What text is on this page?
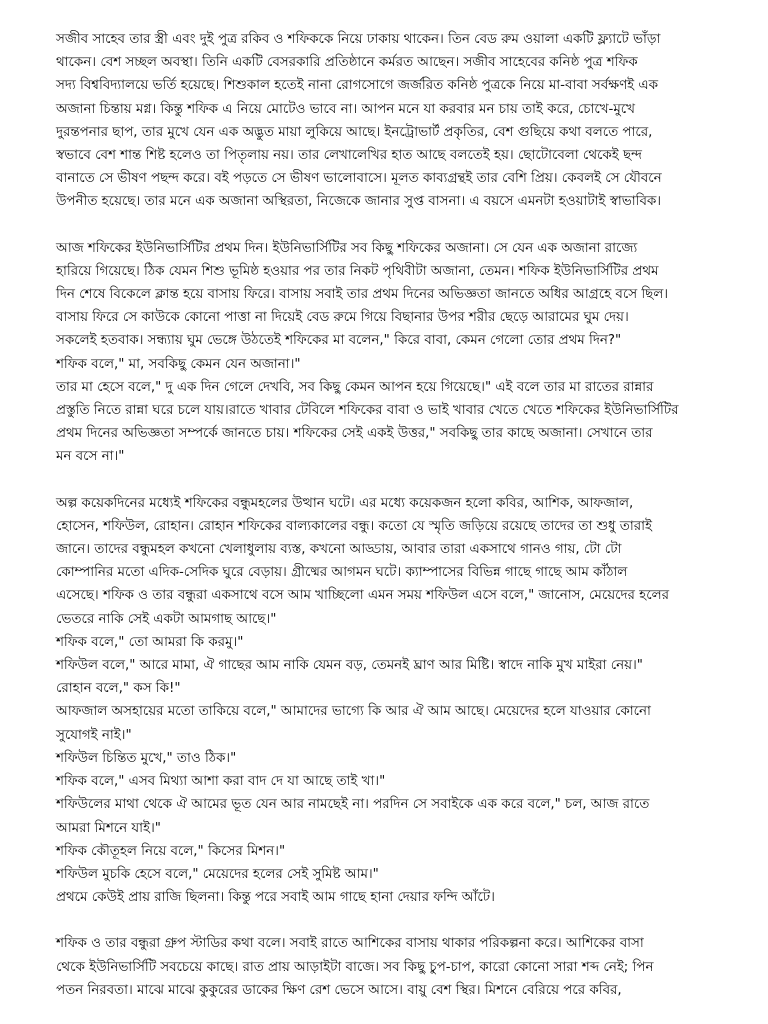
সজীব সাহেব তার স্ত্রী এবং দুই পুত্র রকিব ও শফিককে নিয়ে ঢাকায় থাকেন। তিন বেড রুম ওয়ালা একটি ফ্ল্যাটে ভাঁড়া
থাকেন। বেশ সচ্ছল অবস্থা। তিনি একটি বেসরকারি প্রতিষ্ঠানে কর্মরত আছেন। সজীব সাহেবের কনিষ্ঠ পুত্র শফিক
সদ্য বিশ্ববিদ্যালয়ে ভর্তি হয়েছে। শিশুকাল হতেই নানা রোগসোগে জর্জরিত কনিষ্ঠ পুত্রকে নিয়ে মা-বাবা সর্বক্ষণই এক
অজানা চিন্তায় মগ্ন। কিন্তু শফিক এ নিয়ে মোটেও ভাবে না। আপন মনে যা করবার মন চায় তাই করে, চোখে-মুখে
দুরন্তপনার ছাপ, তার মুখে যেন এক অদ্ভুত মায়া লুকিয়ে আছে। ইনট্রোভার্ট প্রকৃতির, বেশ গুছিয়ে কথা বলতে পারে,
স্বভাবে বেশ শান্ত শিষ্ট হলেও তা পিতৃলায় নয়। তার লেখালেখির হাত আছে বলতেই হয়। ছোটোবেলা থেকেই ছন্দ
বানাতে সে ভীষণ পছন্দ করে। বই পড়তে সে ভীষণ ভালোবাসে। মূলত কাব্যগ্রন্থই তার বেশি প্রিয়। কেবলই সে যৌবনে
উপনীত হয়েছে। তার মনে এক অজানা অস্থিরতা, নিজেকে জানার সুপ্ত বাসনা। এ বয়সে এমনটা হওয়াটাই স্বাভাবিক।

আজ শফিকের ইউনিভার্সিটির প্রথম দিন। ইউনিভার্সিটির সব কিছু শফিকের অজানা। সে যেন এক অজানা রাজ্যে
হারিয়ে গিয়েছে। ঠিক যেমন শিশু ভূমিষ্ঠ হওয়ার পর তার নিকট পৃথিবীটা অজানা, তেমন। শফিক ইউনিভার্সিটির প্রথম
দিন শেষে বিকেলে ক্লান্ত হয়ে বাসায় ফিরে। বাসায় সবাই তার প্রথম দিনের অভিজ্ঞতা জানতে অধির আগ্রহে বসে ছিল।
বাসায় ফিরে সে কাউকে কোনো পাত্তা না দিয়েই বেড রুমে গিয়ে বিছানার উপর শরীর ছেড়ে আরামের ঘুম দেয়।
সকলেই হতবাক। সন্ধ্যায় ঘুম ভেঙ্গে উঠতেই শফিকের মা বলেন," কিরে বাবা, কেমন গেলো তোর প্রথম দিন?"
শফিক বলে," মা, সবকিছু কেমন যেন অজানা।"
তার মা হেসে বলে," দু এক দিন গেলে দেখবি, সব কিছু কেমন আপন হয়ে গিয়েছে।" এই বলে তার মা রাতের রান্নার
প্রস্তুতি নিতে রান্না ঘরে চলে যায়।রাতে খাবার টেবিলে শফিকের বাবা ও ভাই খাবার খেতে খেতে শফিকের ইউনিভার্সিটির
প্রথম দিনের অভিজ্ঞতা সম্পর্কে জানতে চায়। শফিকের সেই একই উত্তর," সবকিছু তার কাছে অজানা। সেখানে তার
মন বসে না।"

অল্প কয়েকদিনের মধ্যেই শফিকের বন্ধুমহলের উত্থান ঘটে। এর মধ্যে কয়েকজন হলো কবির, আশিক, আফজাল,
হোসেন, শফিউল, রোহান। রোহান শফিকের বাল্যকালের বন্ধু। কতো যে স্মৃতি জড়িয়ে রয়েছে তাদের তা শুধু তারাই
জানে। তাদের বন্ধুমহল কখনো খেলাধুলায় ব্যস্ত, কখনো আড্ডায়, আবার তারা একসাথে গানও গায়, টো টো
কোম্পানির মতো এদিক-সেদিক ঘুরে বেড়ায়। গ্রীষ্মের আগমন ঘটে। ক্যাম্পাসের বিভিন্ন গাছে গাছে আম কাঁঠাল
এসেছে। শফিক ও তার বন্ধুরা একসাথে বসে আম খাচ্ছিলো এমন সময় শফিউল এসে বলে," জানোস, মেয়েদের হলের
ভেতরে নাকি সেই একটা আমগাছ আছে।"
শফিক বলে," তো আমরা কি করমু।"
শফিউল বলে," আরে মামা, ঐ গাছের আম নাকি যেমন বড়, তেমনই ঘ্রাণ আর মিষ্টি। স্বাদে নাকি মুখ মাইরা নেয়।"
রোহান বলে," কস কি!"
আফজাল অসহায়ের মতো তাকিয়ে বলে," আমাদের ভাগ্যে কি আর ঐ আম আছে। মেয়েদের হলে যাওয়ার কোনো
সুযোগই নাই।"
শফিউল চিন্তিত মুখে," তাও ঠিক।"
শফিক বলে," এসব মিথ্যা আশা করা বাদ দে যা আছে তাই খা।"
শফিউলের মাথা থেকে ঐ আমের ভূত যেন আর নামছেই না। পরদিন সে সবাইকে এক করে বলে," চল, আজ রাতে
আমরা মিশনে যাই।"
শফিক কৌতূহল নিয়ে বলে," কিসের মিশন।"
শফিউল মুচকি হেসে বলে," মেয়েদের হলের সেই সুমিষ্ট আম।"
প্রথমে কেউই প্রায় রাজি ছিলনা। কিন্তু পরে সবাই আম গাছে হানা দেয়ার ফন্দি আঁটে।

শফিক ও তার বন্ধুরা গ্রুপ স্টাডির কথা বলে। সবাই রাতে আশিকের বাসায় থাকার পরিকল্পনা করে। আশিকের বাসা
থেকে ইউনিভার্সিটি সবচেয়ে কাছে। রাত প্রায় আড়াইটা বাজে। সব কিছু চুপ-চাপ, কারো কোনো সারা শব্দ নেই; পিন
পতন নিরবতা। মাঝে মাঝে কুকুরের ডাকের ক্ষিণ রেশ ভেসে আসে। বায়ু বেশ স্থির। মিশনে বেরিয়ে পরে কবির,
